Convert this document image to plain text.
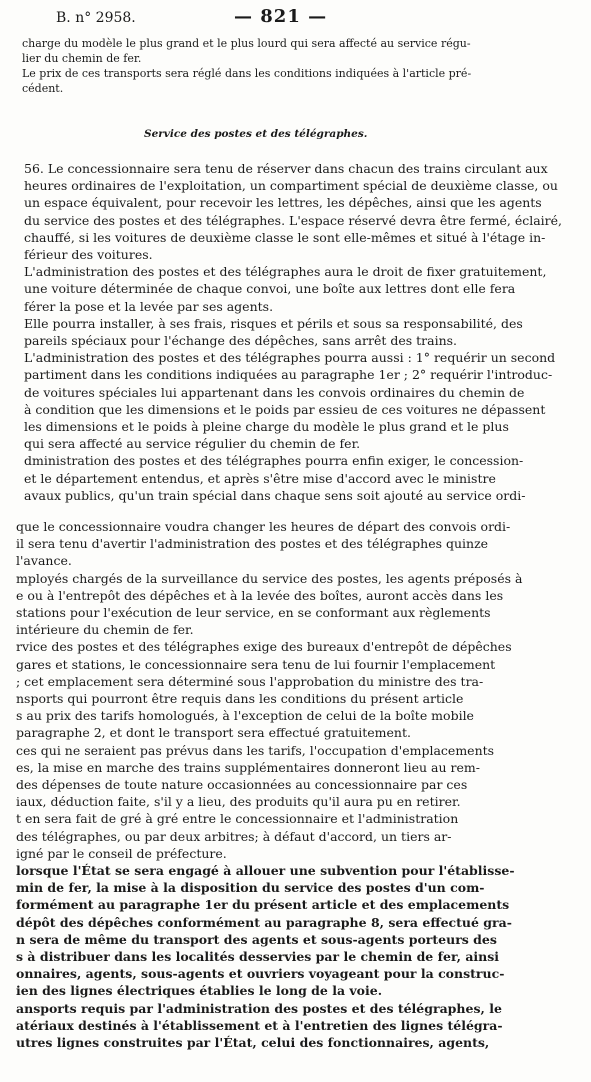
B. n° 2958.	— 821 —
charge du modèle le plus grand et le plus lourd qui sera affecté au service régu-
lier du chemin de fer.
Le prix de ces transports sera réglé dans les conditions indiquées à l'article pré-
cédent.
Service des postes et des télégraphes.
56. Le concessionnaire sera tenu de réserver dans chacun des trains circulant aux
heures ordinaires de l'exploitation, un compartiment spécial de deuxième classe, ou
un espace équivalent, pour recevoir les lettres, les dépêches, ainsi que les agents
du service des postes et des télégraphes. L'espace réservé devra être fermé, éclairé,
chauffé, si les voitures de deuxième classe le sont elle-mêmes et situé à l'étage in-
férieur des voitures.
L'administration des postes et des télégraphes aura le droit de fixer gratuitement,
une voiture déterminée de chaque convoi, une boîte aux lettres dont elle fera
férer la pose et la levée par ses agents.
Elle pourra installer, à ses frais, risques et périls et sous sa responsabilité, des
pareils spéciaux pour l'échange des dépêches, sans arrêt des trains.
L'administration des postes et des télégraphes pourra aussi : 1° requérir un second
partiment dans les conditions indiquées au paragraphe 1er ; 2° requérir l'introduc-
de voitures spéciales lui appartenant dans les convois ordinaires du chemin de
à condition que les dimensions et le poids par essieu de ces voitures ne dépassent
les dimensions et le poids à pleine charge du modèle le plus grand et le plus
qui sera affecté au service régulier du chemin de fer.
dministration des postes et des télégraphes pourra enfin exiger, le concession-
et le département entendus, et après s'être mise d'accord avec le ministre
avaux publics, qu'un train spécial dans chaque sens soit ajouté au service ordi-
que le concessionnaire voudra changer les heures de départ des convois ordi-
il sera tenu d'avertir l'administration des postes et des télégraphes quinze
l'avance.
mployés chargés de la surveillance du service des postes, les agents préposés à
e ou à l'entrepôt des dépêches et à la levée des boîtes, auront accès dans les
stations pour l'exécution de leur service, en se conformant aux règlements
intérieure du chemin de fer.
rvice des postes et des télégraphes exige des bureaux d'entrepôt de dépêches
gares et stations, le concessionnaire sera tenu de lui fournir l'emplacement
; cet emplacement sera déterminé sous l'approbation du ministre des tra-
nsports qui pourront être requis dans les conditions du présent article
s au prix des tarifs homologués, à l'exception de celui de la boîte mobile
paragraphe 2, et dont le transport sera effectué gratuitement.
ces qui ne seraient pas prévus dans les tarifs, l'occupation d'emplacements
es, la mise en marche des trains supplémentaires donneront lieu au rem-
des dépenses de toute nature occasionnées au concessionnaire par ces
iaux, déduction faite, s'il y a lieu, des produits qu'il aura pu en retirer.
t en sera fait de gré à gré entre le concessionnaire et l'administration
des télégraphes, ou par deux arbitres; à défaut d'accord, un tiers ar-
igné par le conseil de préfecture.
lorsque l'État se sera engagé à allouer une subvention pour l'établisse-
min de fer, la mise à la disposition du service des postes d'un com-
formément au paragraphe 1er du présent article et des emplacements
dépôt des dépêches conformément au paragraphe 8, sera effectué gra-
n sera de même du transport des agents et sous-agents porteurs des
s à distribuer dans les localités desservies par le chemin de fer, ainsi
onnaires, agents, sous-agents et ouvriers voyageant pour la construc-
ien des lignes électriques établies le long de la voie.
ansports requis par l'administration des postes et des télégraphes, le
atériaux destinés à l'établissement et à l'entretien des lignes télégra-
utres lignes construites par l'État, celui des fonctionnaires, agents,
